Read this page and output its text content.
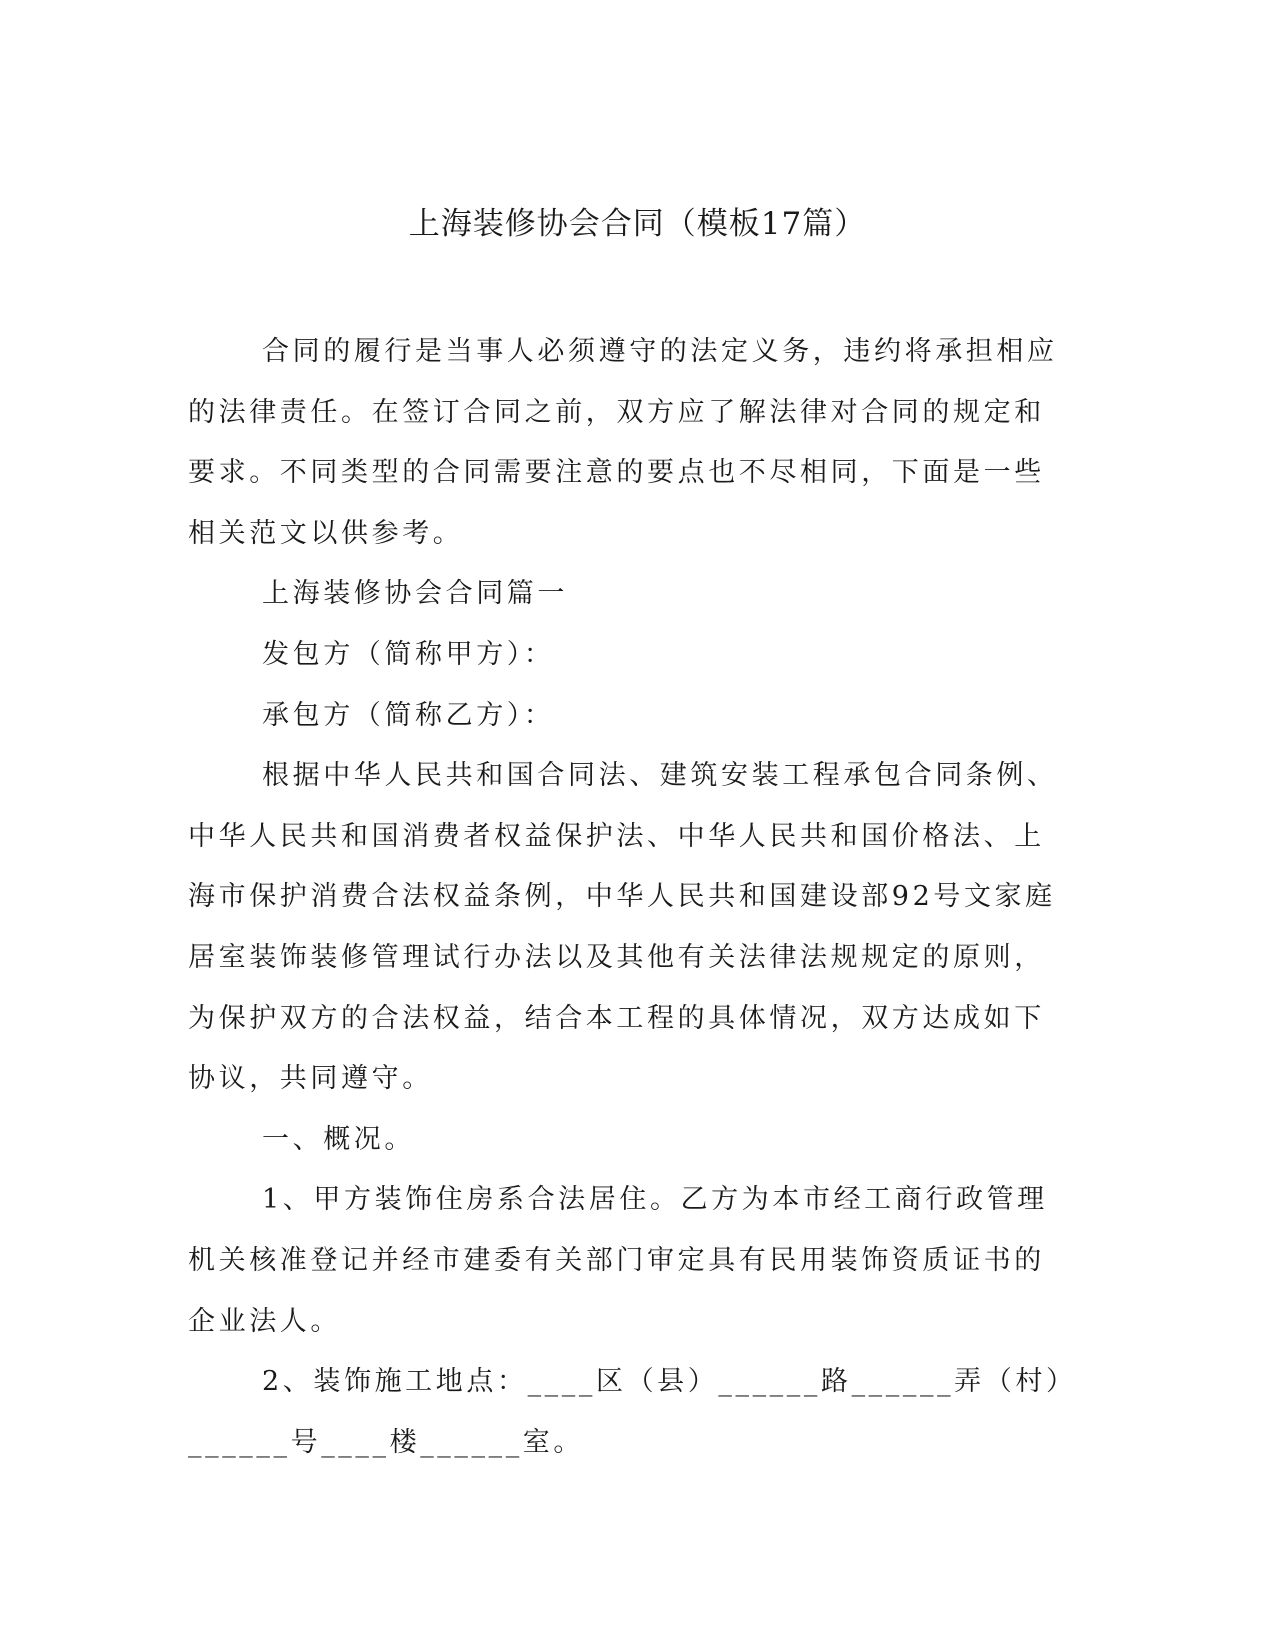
上海装修协会合同（模板17篇）

合同的履行是当事人必须遵守的法定义务，违约将承担相应的法律责任。在签订合同之前，双方应了解法律对合同的规定和要求。不同类型的合同需要注意的要点也不尽相同，下面是一些相关范文以供参考。

上海装修协会合同篇一

发包方（简称甲方）：

承包方（简称乙方）：

根据中华人民共和国合同法、建筑安装工程承包合同条例、中华人民共和国消费者权益保护法、中华人民共和国价格法、上海市保护消费合法权益条例，中华人民共和国建设部92号文家庭居室装饰装修管理试行办法以及其他有关法律法规规定的原则，为保护双方的合法权益，结合本工程的具体情况，双方达成如下协议，共同遵守。

一、概况。

1、甲方装饰住房系合法居住。乙方为本市经工商行政管理机关核准登记并经市建委有关部门审定具有民用装饰资质证书的企业法人。

2、装饰施工地点：____区（县）______路______弄（村）______号____楼______室。
